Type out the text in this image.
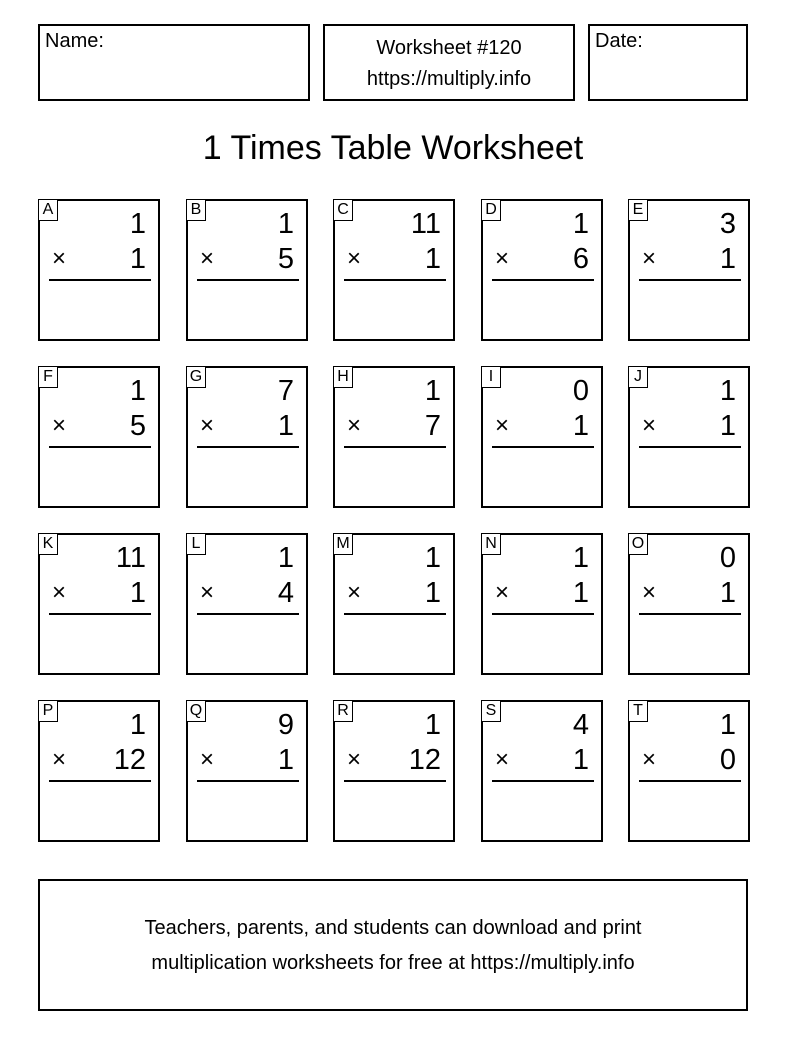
Name:	Worksheet #120
https://multiply.info
Date:
1 Times Table Worksheet
A	1
× 1
B	1
× 5
C 11
× 1
D	1
× 6
E	3
× 1
F	1
× 5
G	7
× 1
H	1
× 7
I	0
× 1
J	1
× 1
K 11
× 1
L	1
× 4
M	1
× 1
N	1
× 1
O	0
× 1
P	1
× 12
Q	9
× 1
R	1
× 12
S	4
× 1
T	1
× 0
Teachers, parents, and students can download and print
multiplication worksheets for free at https://multiply.info
